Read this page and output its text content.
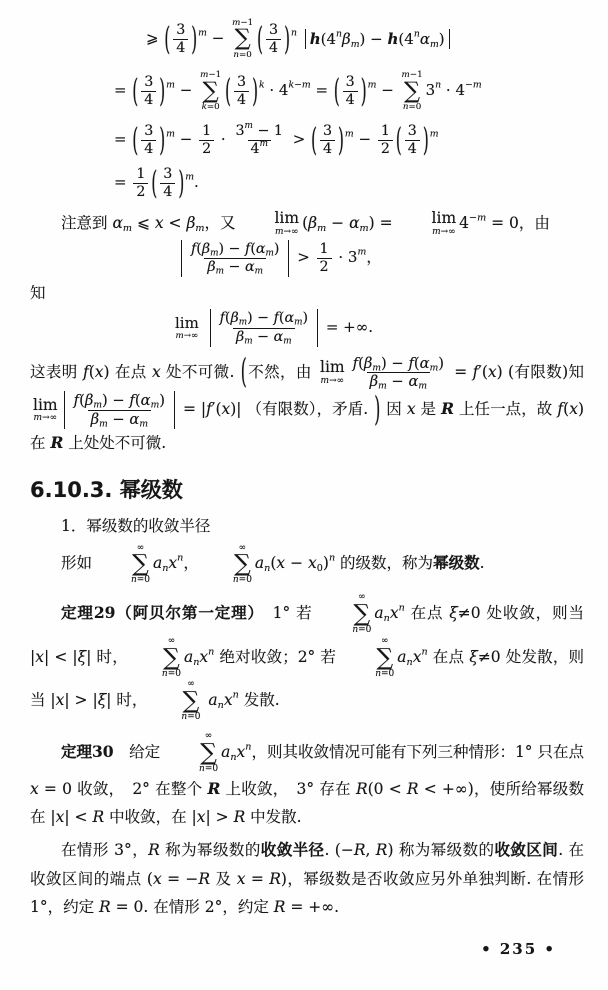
⩾ ( $\frac{3}{4} )^m$ −
m−1
∑
n=0 ( $\frac{3}{4} )^n$ $h(4^n\beta_m) - h(4^n\alpha_m)$
= ( $\frac{3}{4} )^m$ −
m−1
∑
k=0 ( $\frac{3}{4} )^k \cdot 4^{k-m}$ = ( $\frac{3}{4} )^m$ −
m−1
∑
n=0
$3^n \cdot 4^{-m}$
= ( $\frac{3}{4} )^m - \frac{1}{2} \cdot \frac{3^m - 1}{4^m}$ > ( $\frac{3}{4} )^m - \frac{1}{2}$ ( $\frac{3}{4} )^m$
= $\frac{1}{2}$ ( $\frac{3}{4} )^m$.

注意到 $\alpha_m$ ⩽ $x < \beta_m$，又	lim
m→∞
$(\beta_m - \alpha_m)$ =	lim
m→∞
$4^{-m} = 0$，由

$\frac{f(\beta_m) - f(\alpha_m)}{\beta_m - \alpha_m} > \frac{1}{2} \cdot 3^m$，

知

lim
m→∞
$\frac{f(\beta_m) - f(\alpha_m)}{\beta_m - \alpha_m}$ = +∞.

这表明 f(x) 在点 x 处不可微. (不然，由 lim
$m\to\infty \frac{f(\beta_m) - f(\alpha_m)}{\beta_m - \alpha_m} = f'(x)$ (有限数)知
lim
$m\to\infty \frac{f(\beta_m) - f(\alpha_m)}{\beta_m - \alpha_m} = |f'(x)|$ （有限数），矛盾. ) 因 x 是 R 上任一点，故 f(x) 在 R 上处处不可微.

6.10.3. 幂级数

1．幂级数的收敛半径

形如
∞
∑
n=0
$a_nx^n$，
∞
∑
n=0
$a_n(x - x_0)^n$ 的级数，称为幂级数.

定理29（阿贝尔第一定理）　1° 若
∞
∑
n=0
$a_nx^n$ 在点 ξ≠0 处收敛，则当 |x| < |ξ| 时，
∞
∑
n=0
$a_nx^n$ 绝对收敛；2° 若
∞
∑
n=0
$a_nx^n$ 在点 ξ≠0 处发散，则当 |x| > |ξ| 时，
∞
∑
n=0
$a_nx^n$ 发散.

定理30　给定
∞
∑
n=0
$a_nx^n$，则其收敛情况可能有下列三种情形：1° 只在点 x = 0 收敛，　2° 在整个 R 上收敛，　3° 存在 R(0 < R < +∞)，使所给幂级数在 |x| < R 中收敛，在 |x| > R 中发散.

在情形 3°，R 称为幂级数的收敛半径. (−R, R) 称为幂级数的收敛区间. 在收敛区间的端点 (x = −R 及 x = R)，幂级数是否收敛应另外单独判断. 在情形 1°，约定 R = 0. 在情形 2°，约定 R = +∞.

• 235 •
